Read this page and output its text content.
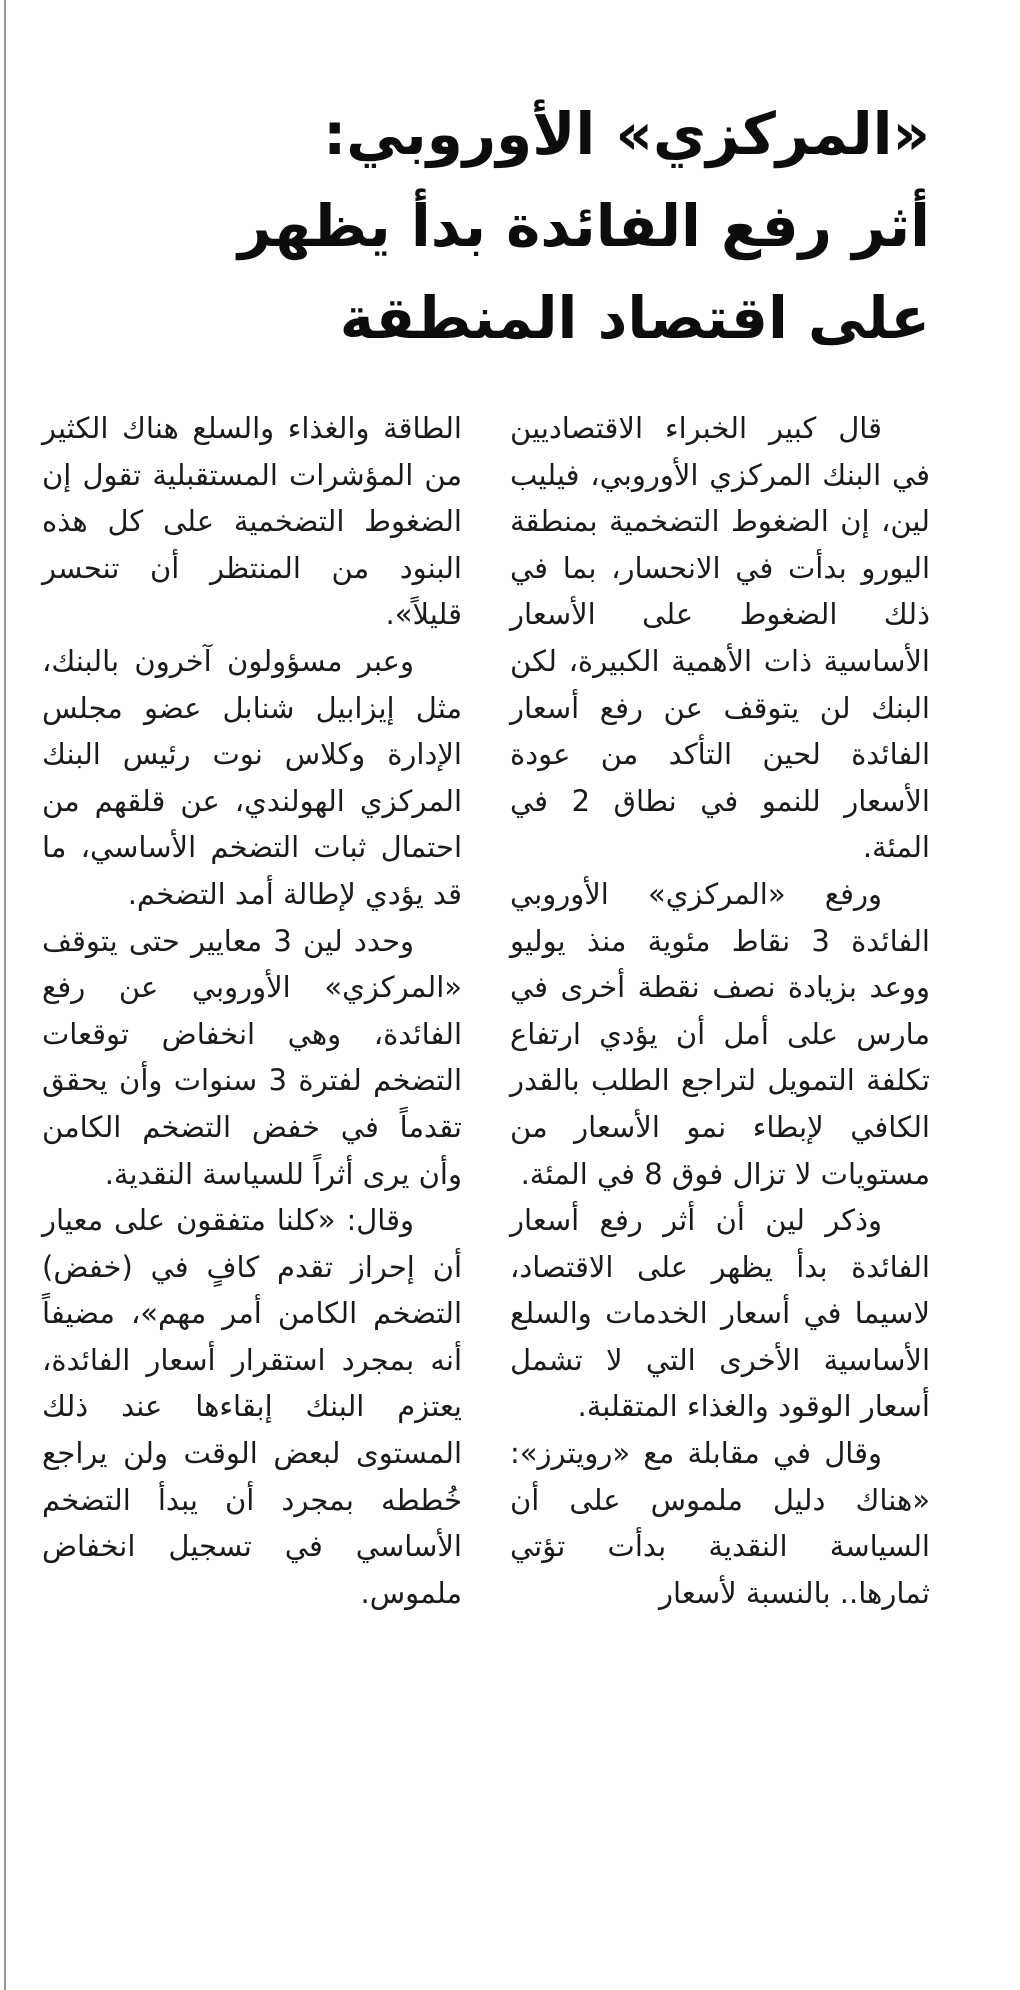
«المركزي» الأوروبي:
أثر رفع الفائدة بدأ يظهر
على اقتصاد المنطقة

قال كبير الخبراء الاقتصاديين في البنك المركزي الأوروبي، فيليب لين، إن الضغوط التضخمية بمنطقة اليورو بدأت في الانحسار، بما في ذلك الضغوط على الأسعار الأساسية ذات الأهمية الكبيرة، لكن البنك لن يتوقف عن رفع أسعار الفائدة لحين التأكد من عودة الأسعار للنمو في نطاق 2 في المئة.

ورفع «المركزي» الأوروبي الفائدة 3 نقاط مئوية منذ يوليو ووعد بزيادة نصف نقطة أخرى في مارس على أمل أن يؤدي ارتفاع تكلفة التمويل لتراجع الطلب بالقدر الكافي لإبطاء نمو الأسعار من مستويات لا تزال فوق 8 في المئة.

وذكر لين أن أثر رفع أسعار الفائدة بدأ يظهر على الاقتصاد، لاسيما في أسعار الخدمات والسلع الأساسية الأخرى التي لا تشمل أسعار الوقود والغذاء المتقلبة.

وقال في مقابلة مع «رويترز»: «هناك دليل ملموس على أن السياسة النقدية بدأت تؤتي ثمارها.. بالنسبة لأسعار

الطاقة والغذاء والسلع هناك الكثير من المؤشرات المستقبلية تقول إن الضغوط التضخمية على كل هذه البنود من المنتظر أن تنحسر قليلاً».

وعبر مسؤولون آخرون بالبنك، مثل إيزابيل شنابل عضو مجلس الإدارة وكلاس نوت رئيس البنك المركزي الهولندي، عن قلقهم من احتمال ثبات التضخم الأساسي، ما قد يؤدي لإطالة أمد التضخم.

وحدد لين 3 معايير حتى يتوقف «المركزي» الأوروبي عن رفع الفائدة، وهي انخفاض توقعات التضخم لفترة 3 سنوات وأن يحقق تقدماً في خفض التضخم الكامن وأن يرى أثراً للسياسة النقدية.

وقال: «كلنا متفقون على معيار أن إحراز تقدم كافٍ في (خفض) التضخم الكامن أمر مهم»، مضيفاً أنه بمجرد استقرار أسعار الفائدة، يعتزم البنك إبقاءها عند ذلك المستوى لبعض الوقت ولن يراجع خُططه بمجرد أن يبدأ التضخم الأساسي في تسجيل انخفاض ملموس.
